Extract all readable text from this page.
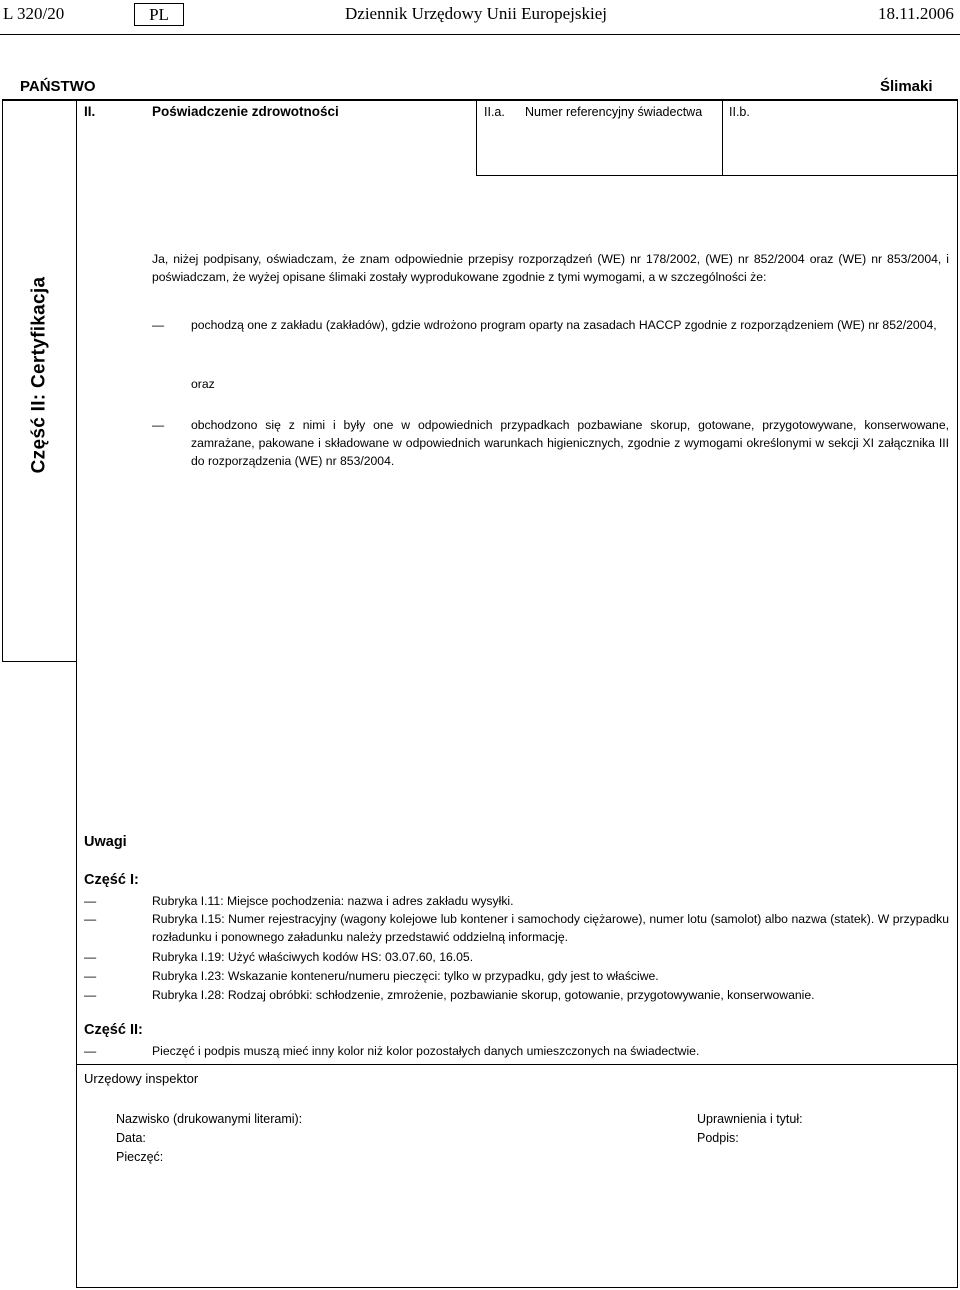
L 320/20	PL	Dziennik Urzędowy Unii Europejskiej	18.11.2006
PAŃSTWO	Ślimaki
II.	Poświadczenie zdrowotności	II.a. Numer referencyjny świadectwa II.b.
Część II: Certyfikacja
Ja, niżej podpisany, oświadczam, że znam odpowiednie przepisy rozporządzeń (WE) nr 178/2002, (WE) nr 852/2004 oraz (WE) nr 853/2004, i poświadczam, że wyżej opisane ślimaki zostały wyprodukowane zgodnie z tymi wymogami, a w szczególności że:
— pochodzą one z zakładu (zakładów), gdzie wdrożono program oparty na zasadach HACCP zgodnie z rozporządzeniem (WE) nr 852/2004,
oraz
— obchodzono się z nimi i były one w odpowiednich przypadkach pozbawiane skorup, gotowane, przygotowywane, konserwowane, zamrażane, pakowane i składowane w odpowiednich warunkach higienicznych, zgodnie z wymogami określonymi w sekcji XI załącznika III do rozporządzenia (WE) nr 853/2004.
Uwagi
Część I:
—	Rubryka I.11: Miejsce pochodzenia: nazwa i adres zakładu wysyłki.
—	Rubryka I.15: Numer rejestracyjny (wagony kolejowe lub kontener i samochody ciężarowe), numer lotu (samolot) albo nazwa (statek). W przypadku rozładunku i ponownego załadunku należy przedstawić oddzielną informację.
—	Rubryka I.19: Użyć właściwych kodów HS: 03.07.60, 16.05.
—	Rubryka I.23: Wskazanie konteneru/numeru pieczęci: tylko w przypadku, gdy jest to właściwe.
—	Rubryka I.28: Rodzaj obróbki: schłodzenie, zmrożenie, pozbawianie skorup, gotowanie, przygotowywanie, konserwowanie.
Część II:
—	Pieczęć i podpis muszą mieć inny kolor niż kolor pozostałych danych umieszczonych na świadectwie.
Urzędowy inspektor
Nazwisko (drukowanymi literami):
Data:
Pieczęć:
Uprawnienia i tytuł:
Podpis:
